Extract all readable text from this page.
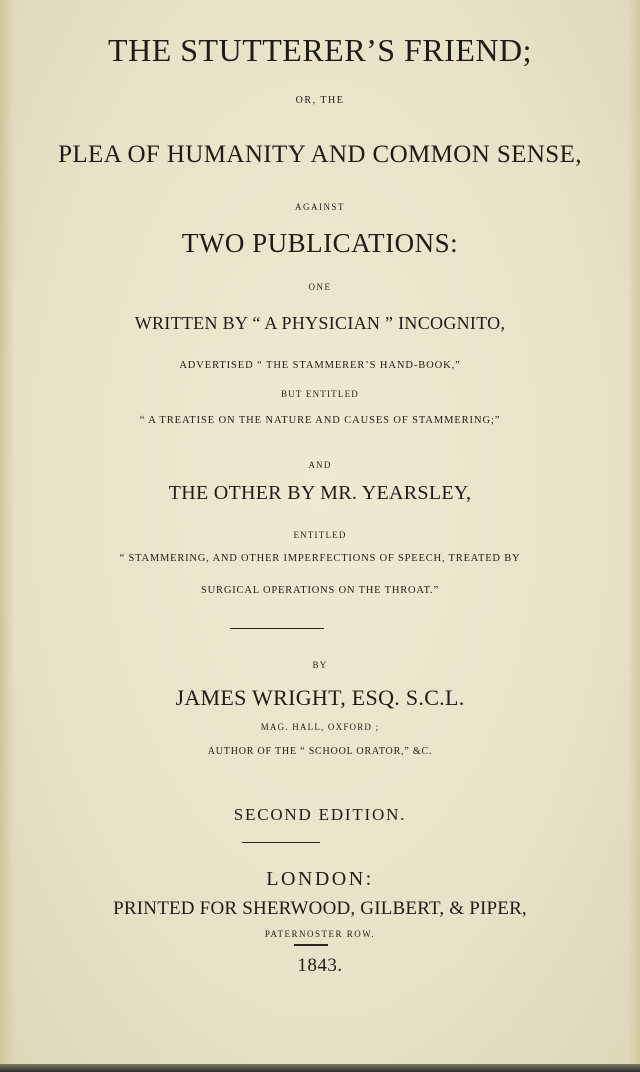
THE STUTTERER’S FRIEND;

OR, THE

PLEA OF HUMANITY AND COMMON SENSE,

AGAINST

TWO PUBLICATIONS:

ONE

WRITTEN BY “ A PHYSICIAN ” INCOGNITO,

ADVERTISED “ THE STAMMERER’S HAND-BOOK,”

BUT ENTITLED

“ A TREATISE ON THE NATURE AND CAUSES OF STAMMERING;”

AND

THE OTHER BY MR. YEARSLEY,

ENTITLED

“ STAMMERING, AND OTHER IMPERFECTIONS OF SPEECH, TREATED BY

SURGICAL OPERATIONS ON THE THROAT.”

BY

JAMES WRIGHT, ESQ. S.C.L.

MAG. HALL, OXFORD ;

AUTHOR OF THE “ SCHOOL ORATOR,” &C.

SECOND EDITION.

LONDON:

PRINTED FOR SHERWOOD, GILBERT, & PIPER,

PATERNOSTER ROW.

1843.
